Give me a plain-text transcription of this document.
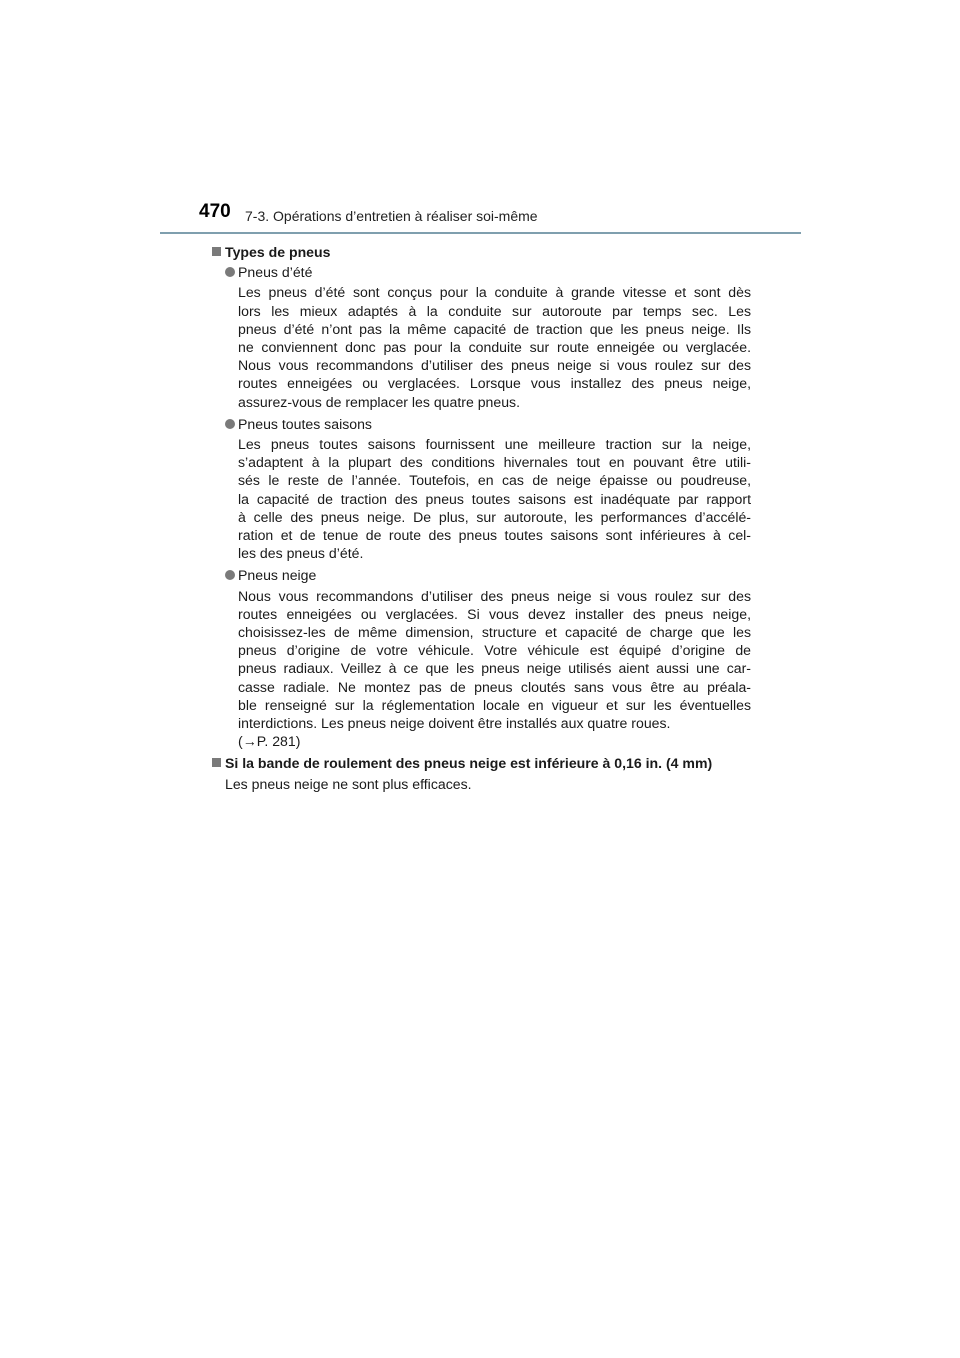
470 7-3. Opérations d’entretien à réaliser soi-même
Types de pneus
Pneus d’été
Les pneus d’été sont conçus pour la conduite à grande vitesse et sont dès
lors les mieux adaptés à la conduite sur autoroute par temps sec. Les
pneus d’été n’ont pas la même capacité de traction que les pneus neige. Ils
ne conviennent donc pas pour la conduite sur route enneigée ou verglacée.
Nous vous recommandons d’utiliser des pneus neige si vous roulez sur des
routes enneigées ou verglacées. Lorsque vous installez des pneus neige,
assurez-vous de remplacer les quatre pneus.
Pneus toutes saisons
Les pneus toutes saisons fournissent une meilleure traction sur la neige,
s’adaptent à la plupart des conditions hivernales tout en pouvant être utili-
sés le reste de l’année. Toutefois, en cas de neige épaisse ou poudreuse,
la capacité de traction des pneus toutes saisons est inadéquate par rapport
à celle des pneus neige. De plus, sur autoroute, les performances d’accélé-
ration et de tenue de route des pneus toutes saisons sont inférieures à cel-
les des pneus d’été.
Pneus neige
Nous vous recommandons d’utiliser des pneus neige si vous roulez sur des
routes enneigées ou verglacées. Si vous devez installer des pneus neige,
choisissez-les de même dimension, structure et capacité de charge que les
pneus d’origine de votre véhicule. Votre véhicule est équipé d’origine de
pneus radiaux. Veillez à ce que les pneus neige utilisés aient aussi une car-
casse radiale. Ne montez pas de pneus cloutés sans vous être au préala-
ble renseigné sur la réglementation locale en vigueur et sur les éventuelles
interdictions. Les pneus neige doivent être installés aux quatre roues.
(→P. 281)
Si la bande de roulement des pneus neige est inférieure à 0,16 in. (4 mm)
Les pneus neige ne sont plus efficaces.
